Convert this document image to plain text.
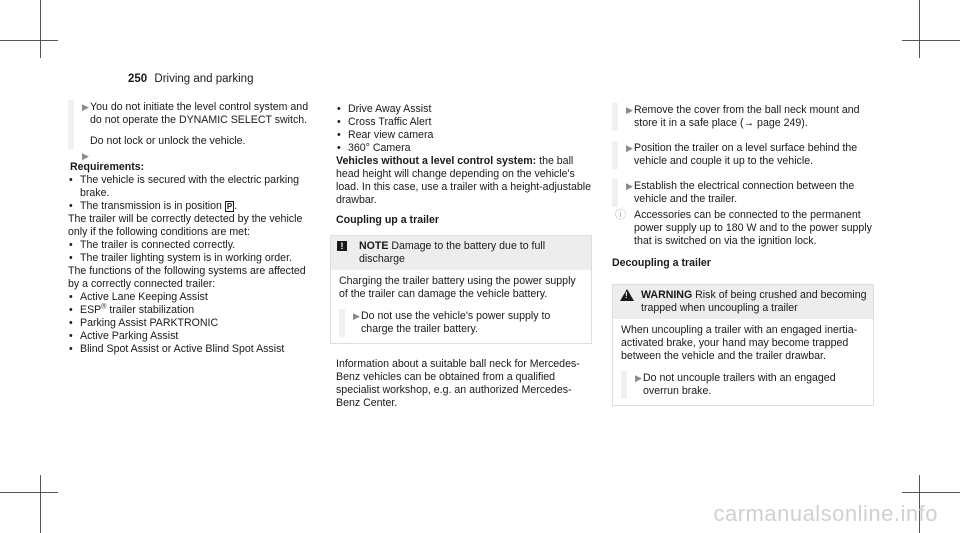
250 Driving and parking
▶ You do not initiate the level control system and do not operate the DYNAMIC SELECT switch.

▶

Do not lock or unlock the vehicle.

Requirements:

• The vehicle is secured with the electric parking brake.
• The transmission is in position P .

The trailer will be correctly detected by the vehicle only if the following conditions are met:

• The trailer is connected correctly.
• The trailer lighting system is in working order.

The functions of the following systems are affected by a correctly connected trailer:

• Active Lane Keeping Assist
• ESP® trailer stabilization
• Parking Assist PARKTRONIC
• Active Parking Assist
• Blind Spot Assist or Active Blind Spot Assist
• Drive Away Assist
• Cross Traffic Alert
• Rear view camera
• 360° Camera

Vehicles without a level control system: the ball head height will change depending on the vehicle's load. In this case, use a trailer with a height-adjustable drawbar.

Coupling up a trailer

!	NOTE Damage to the battery due to full discharge

Charging the trailer battery using the power supply of the trailer can damage the vehicle battery.

▶ Do not use the vehicle's power supply to charge the trailer battery.

Information about a suitable ball neck for Mercedes-Benz vehicles can be obtained from a qualified specialist workshop, e.g. an authorized Mercedes-Benz Center.

▶ Remove the cover from the ball neck mount and store it in a safe place (→ page 249).

▶ Position the trailer on a level surface behind the vehicle and couple it up to the vehicle.

▶ Establish the electrical connection between the vehicle and the trailer.

ⓘ Accessories can be connected to the permanent power supply up to 180 W and to the power supply that is switched on via the ignition lock.

Decoupling a trailer

! WARNING Risk of being crushed and becoming trapped when uncoupling a trailer

When uncoupling a trailer with an engaged inertia-activated brake, your hand may become trapped between the vehicle and the trailer drawbar.

▶ Do not uncouple trailers with an engaged overrun brake.

carmanualsonline.info
